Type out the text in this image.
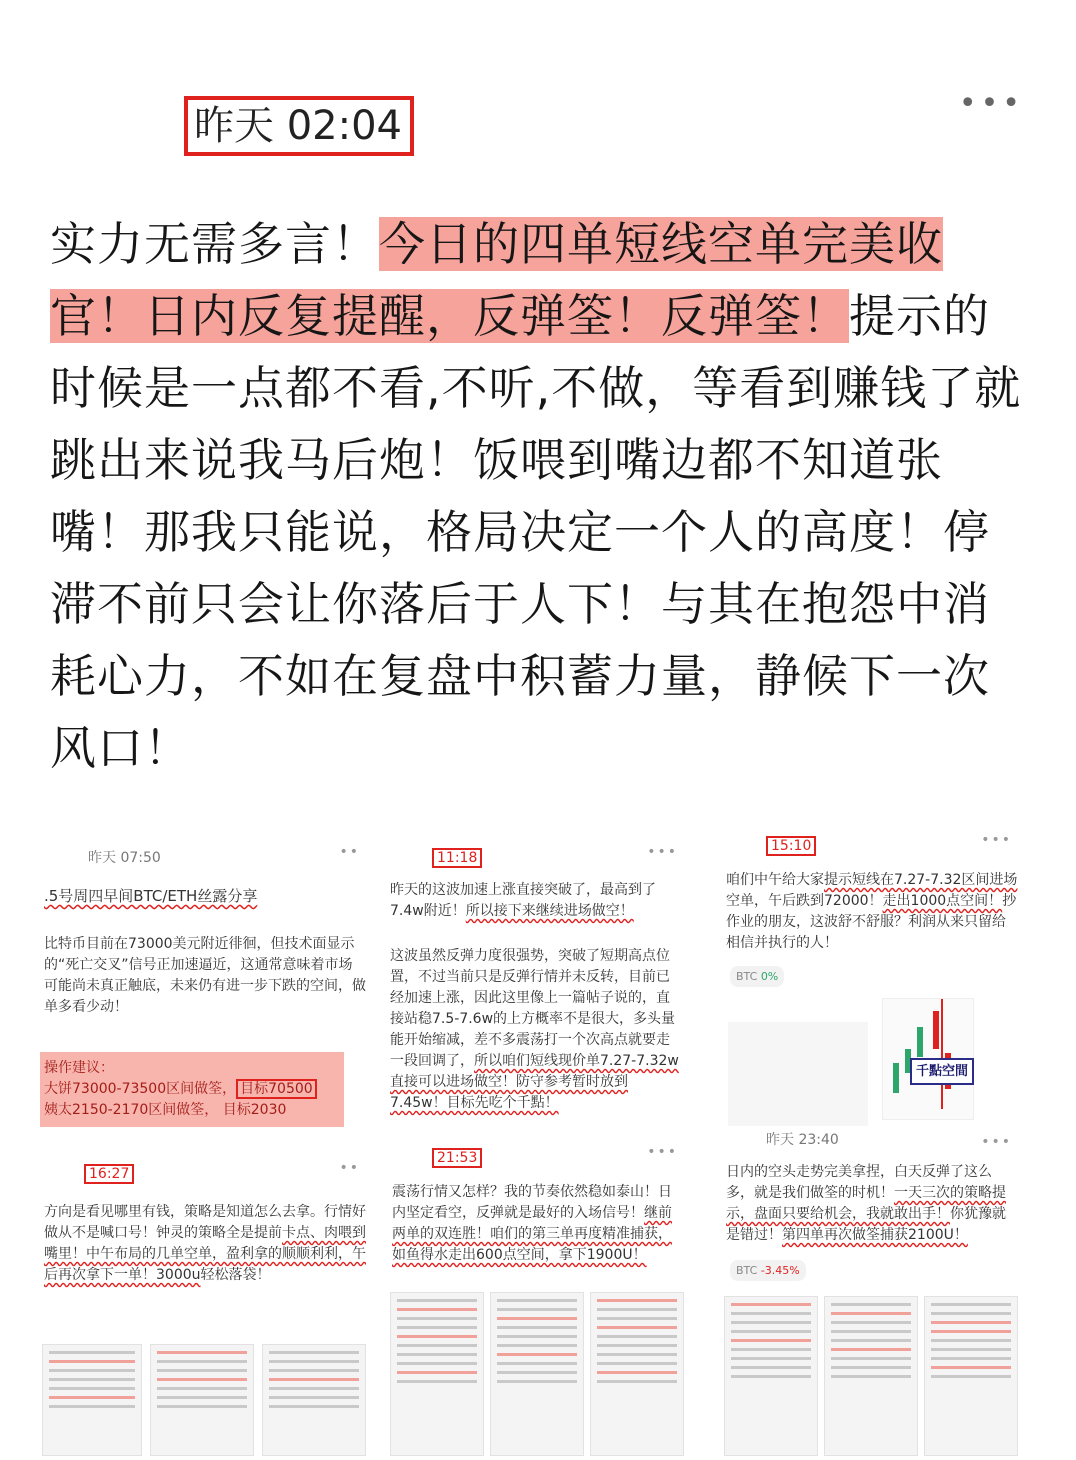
昨天 02:04	•••
实力无需多言！今日的四单短线空单完美收官！日内反复提醒，反弹筌！反弹筌！提示的时候是一点都不看,不听,不做，等看到赚钱了就跳出来说我马后炮！饭喂到嘴边都不知道张嘴！那我只能说，格局决定一个人的高度！停滞不前只会让你落后于人下！与其在抱怨中消耗心力，不如在复盘中积蓄力量，静候下一次风口！
昨天 07:50	••
.5号周四早间BTC/ETH丝露分享
比特币目前在73000美元附近徘徊，但技术面显示的“死亡交叉”信号正加速逼近，这通常意味着市场可能尚未真正触底，未来仍有进一步下跌的空间，做单多看少动！
操作建议：
大饼73000-73500区间做筌， 目标70500
姨太2150-2170区间做筌， 目标2030
11:18	•••
昨天的这波加速上涨直接突破了，最高到了7.4w附近！所以接下来继续进场做空！
这波虽然反弹力度很强势，突破了短期高点位置，不过当前只是反弹行情并未反转，目前已经加速上涨，因此这里像上一篇帖子说的，直接站稳7.5-7.6w的上方概率不是很大，多头量能开始缩减，差不多震荡打一个次高点就要走一段回调了，所以咱们短线现价单7.27-7.32w直接可以进场做空！防守参考暂时放到7.45w！目标先吃个千點！
15:10	•••
咱们中午给大家提示短线在7.27-7.32区间进场空单，午后跌到72000！走出1000点空间！抄作业的朋友，这波舒不舒服？利润从来只留给相信并执行的人！
BTC 0%
千點空間
16:27	••
方向是看见哪里有钱，策略是知道怎么去拿。行情好做从不是喊口号！钟灵的策略全是提前卡点、肉喂到嘴里！中午布局的几单空单，盈利拿的顺顺利利，午后再次拿下一单！3000u轻松落袋！
21:53	•••
震荡行情又怎样？我的节奏依然稳如泰山！日内坚定看空，反弹就是最好的入场信号！继前两单的双连胜！咱们的第三单再度精准捕获，如鱼得水走出600点空间，拿下1900U！
昨天 23:40	•••
日内的空头走势完美拿捏，白天反弹了这么多，就是我们做筌的时机！一天三次的策略提示，盘面只要给机会，我就敢出手！你犹豫就是错过！第四单再次做筌捕获2100U！
BTC -3.45%
